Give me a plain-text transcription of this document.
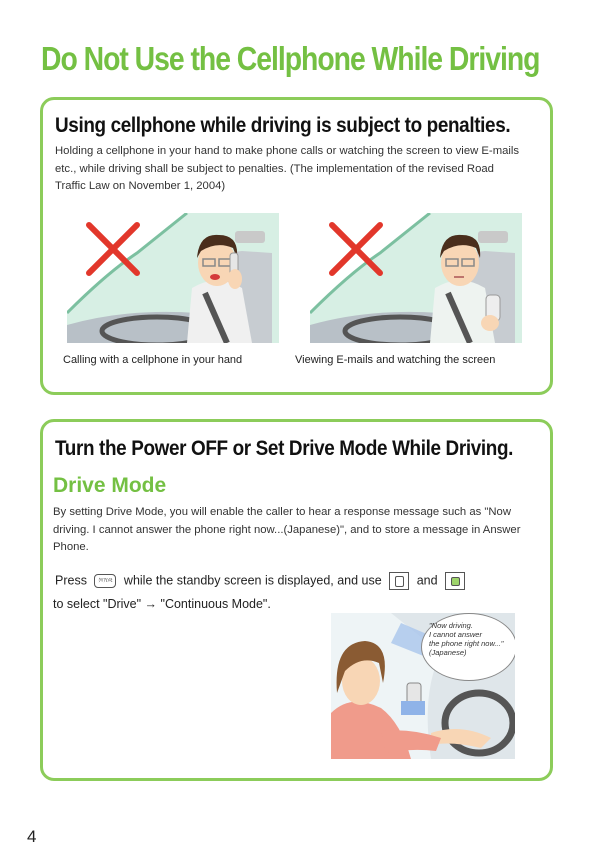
Do Not Use the Cellphone While Driving
Using cellphone while driving is subject to penalties.
Holding a cellphone in your hand to make phone calls or watching the screen to view E-mails etc., while driving shall be subject to penalties. (The implementation of the revised Road Traffic Law on November 1, 2004)
Calling with a cellphone in your hand	Viewing E-mails and watching the screen
Turn the Power OFF or Set Drive Mode While Driving.
Drive Mode
By setting Drive Mode, you will enable the caller to hear a response message such as "Now driving. I cannot answer the phone right now...(Japanese)", and to store a message in Answer Phone.
Press ｸﾘｱ/ﾒﾓ while the standby screen is displayed, and use	and
to select "Drive" → "Continuous Mode".
"Now driving.
I cannot answer
the phone right now..."
(Japanese)
4
